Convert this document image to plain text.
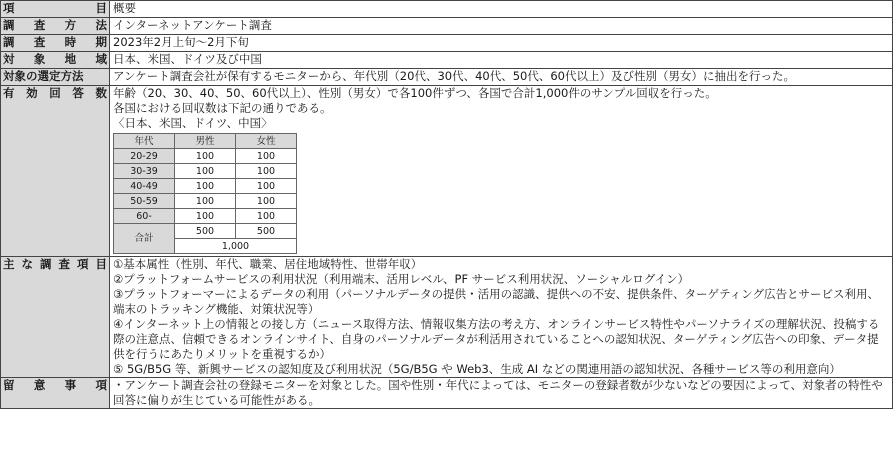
項	目	概要

調 査 方 法	インターネットアンケート調査

調 査 時 期	2023年2月上旬～2月下旬

対 象 地 域	日本、米国、ドイツ及び中国

対象の選定方法	アンケート調査会社が保有するモニターから、年代別（20代、30代、40代、50代、60代以上）及び性別（男女）に抽出を行った。

有 効 回 答 数	年齢（20、30、40、50、60代以上）、性別（男女）で各100件ずつ、各国で合計1,000件のサンプル回収を行った。
各国における回収数は下記の通りである。
〈日本、米国、ドイツ、中国〉
年代	男性	女性
20-29	100	100
30-39	100	100
40-49	100	100
50-59	100	100
60-	100	100
合計	500	500
1,000

主 な 調 査 項 目	①基本属性（性別、年代、職業、居住地域特性、世帯年収）
②プラットフォームサービスの利用状況（利用端末、活用レベル、PF サービス利用状況、ソーシャルログイン）
③プラットフォーマーによるデータの利用（パーソナルデータの提供・活用の認識、提供への不安、提供条件、ターゲティング広告とサービス利用、端末のトラッキング機能、対策状況等）
④インターネット上の情報との接し方（ニュース取得方法、情報収集方法の考え方、オンラインサービス特性やパーソナライズの理解状況、投稿する際の注意点、信頼できるオンラインサイト、自身のパーソナルデータが利活用されていることへの認知状況、ターゲティング広告への印象、データ提供を行うにあたりメリットを重視するか）
⑤ 5G/B5G 等、新興サービスの認知度及び利用状況（5G/B5G や Web3、生成 AI などの関連用語の認知状況、各種サービス等の利用意向）

留 意 事 項	・アンケート調査会社の登録モニターを対象とした。国や性別・年代によっては、モニターの登録者数が少ないなどの要因によって、対象者の特性や回答に偏りが生じている可能性がある。
